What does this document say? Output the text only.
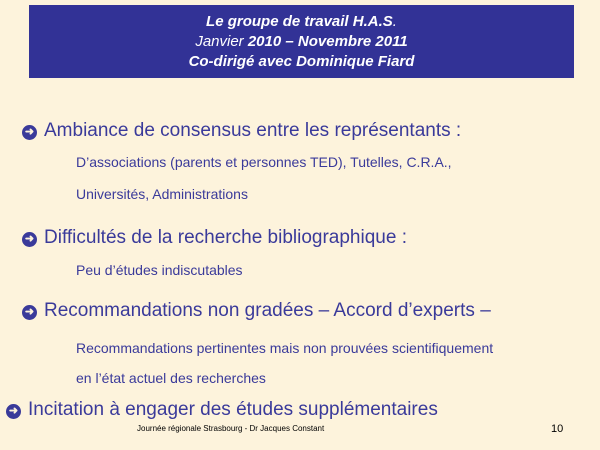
Le groupe de travail H.A.S.
Janvier 2010 – Novembre 2011
Co-dirigé avec Dominique Fiard
➜ Ambiance de consensus entre les représentants :
D’associations (parents et personnes TED), Tutelles, C.R.A.,
Universités, Administrations
➜ Difficultés de la recherche bibliographique :
Peu d’études indiscutables
➜ Recommandations non gradées – Accord d’experts –
Recommandations pertinentes mais non prouvées scientifiquement
en l’état actuel des recherches
➜ Incitation à engager des études supplémentaires
Journée régionale Strasbourg - Dr Jacques Constant	10
